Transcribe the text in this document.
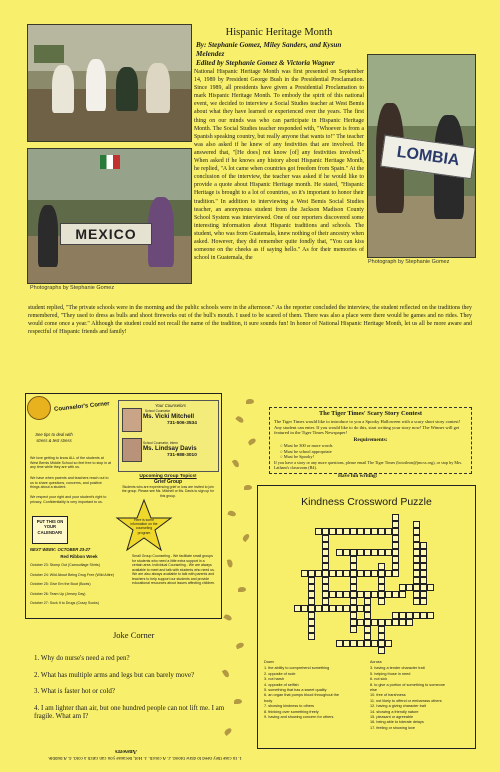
MEXICO
Photographs by Stephanie Gomez
LOMBIA
Photograph by Stephanie Gomez
Hispanic Heritage Month
By: Stephanie Gomez, Miley Sanders, and Kysun Melendez
Edited by Stephanie Gomez & Victoria Wagner
National Hispanic Heritage Month was first presented on September 14, 1989 by President George Bush in the Presidential Proclamation. Since 1989, all presidents have given a Presidential Proclamation to mark Hispanic Heritage Month. To embody the spirit of this national event, we decided to interview a Social Studies teacher at West Bemis about what they have learned or experienced over the years. The first thing on our minds was who can participate in Hispanic Heritage Month. The Social Studies teacher responded with, "Whoever is from a Spanish speaking country, but really anyone that wants to!" The teacher was also asked if he knew of any festivities that are involved. He answered that, "[He does] not know [of] any festivities involved." When asked if he knows any history about Hispanic Heritage Month, he replied, "A lot came when countries got freedom from Spain." At the conclusion of the interview, the teacher was asked if he would like to provide a quote about Hispanic Heritage month. He stated, "Hispanic Heritage is brought to a lot of countries, so it's important to honor their tradition." In addition to interviewing a West Bemis Social Studies teacher, an anonymous student from the Jackson Madison County School System was interviewed. One of our reporters discovered some interesting information about Hispanic traditions and schools. The student, who was from Guatemala, knew nothing of their ancestry when asked. However, they did remember quite fondly that, "You can kiss someone on the cheeks as if saying hello." As for their memories of school in Guatemala, the
student replied, "The private schools were in the morning and the public schools were in the afternoon." As the reporter concluded the interview, the student reflected on the traditions they remembered, "They used to dress as bulls and shoot fireworks out of the bull's mouth. I used to be scared of them. There was also a place were there would be games and no rides. They would come once a year." Although the student could not recall the name of the tradition, it sure sounds fun! In honor of National Hispanic Heritage Month, let us all be more aware and respectful of Hispanic friends and family!
Counselor's Corner
See tips to deal with stress & test stress
We love getting to know ALL of the students at West Bemis Middle School so feel free to stop in at any time while they are with us.
We have when parents and teachers reach out to us to share questions, concerns, and positive things about a student.
We respect your right and your student's right to privacy. Confidentiality is very important to us.
Here is some information on the counseling program
PUT THIS ON YOUR CALENDAR!
Your Counselors
School Counselor
Ms. Vicki Mitchell
731-506-3534
School Counselor, Intern
Ms. Lindsay Davis
731-988-3010
Upcoming Group Topics!
Grief Group
Students who are experiencing grief or loss are invited to join the group. Please see Ms. Mitchell or Ms. Davis to sign up for this group.
NEXT WEEK: OCTOBER 23-27
Red Ribbon Week
October 23: Stomp Out (Camouflage Shirts)
October 24: Wild About Being Drug Free (Wild Attire)
October 25: Give Em the Boot (Boots)
October 26: Team Up (Jersey Day)
October 27: Sock It to Drugs (Crazy Socks)
Small Group Counseling - We facilitate small groups for students who need a little extra support in a certain area. Individual Counseling - We are always available to meet and talk with students who need us. We are also always available to talk with parents and teachers to help support our students and provide educational resources about issues affecting children.
Joke Corner
1. Why do nurse's need a red pen?
2. What has multiple arms and legs but can barely move?
3. What is faster hot or cold?
4. I am lighter than air, but one hundred people can not lift me. I am fragile. What am I?
Answers
1. In case they need to draw blood. 2. A couch. 3. Hot, because you can catch a cold. 4. A bubble.
The Tiger Times' Scary Story Contest
The Tiger Times would like to introduce to you a Spooky Halloween with a scary short story contest! Any student can enter. If you would like to do this, start writing your story now! The Winner will get featured in the Tiger Times Newspaper!
Requirements:
○ Must be 300 or more words
○ Must be school appropriate
○ Must be Spooky!
If you have a story or any more questions, please email The Tiger Times (bctotleon@jmcss.org), or stop by Mrs. Latham's classroom (B4).
Have fun writing!
Kindness Crossword Puzzle
Down
1. the ability to comprehend something
2. opposite of rude
3. not harsh
4. opposite of selfish
5. something that has a sweet quality
6. an organ that pumps blood throughout the
body
7. showing kindness to others
8. thinking over something freely
9. having and showing concern for others
Across
3. having a tender character trait
5. helping those in need
6. not sick
8. to give a portion of something to someone
else
10. free of harshness
11. not likely to offend or embarrass others
12. having a giving character trait
14. showing a friendly nature
15. pleasant or agreeable
16. being able to tolerate delays
17. feeling or showing love
